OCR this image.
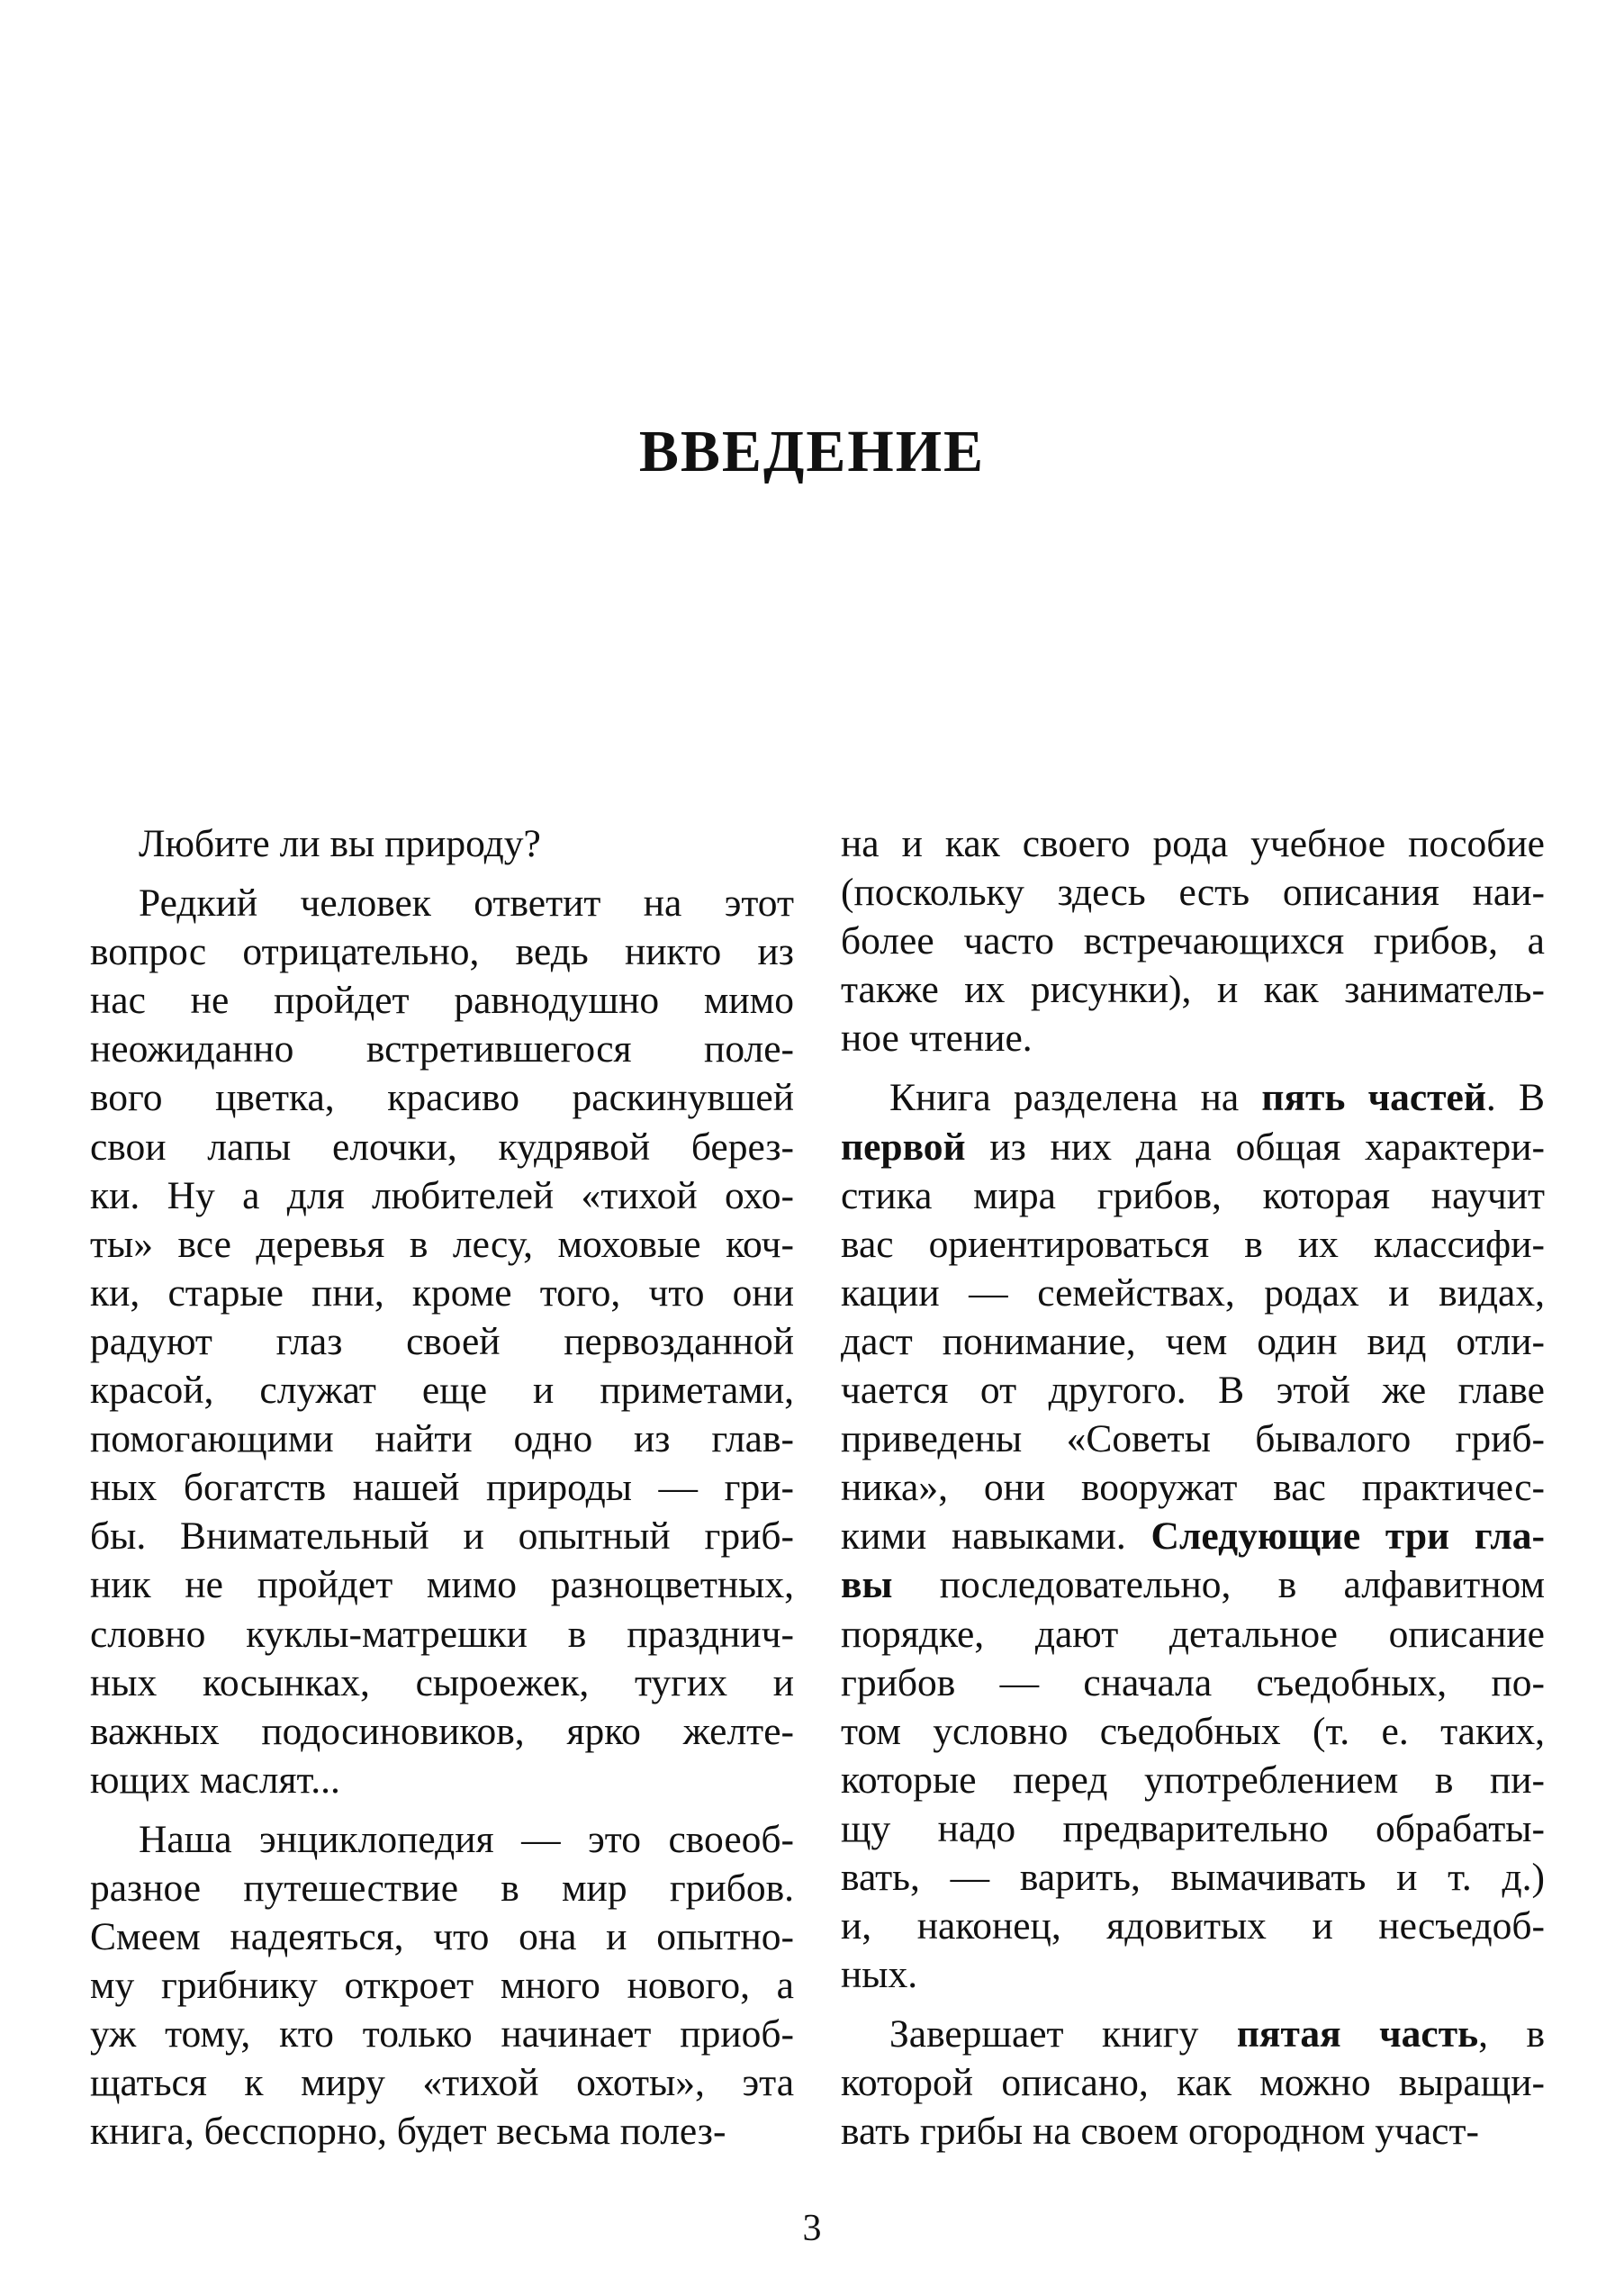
ВВЕДЕНИЕ

Любите ли вы природу?

Редкий человек ответит на этот
вопрос отрицательно, ведь никто из
нас не пройдет равнодушно мимо
неожиданно встретившегося поле-
вого цветка, красиво раскинувшей
свои лапы елочки, кудрявой берез-
ки. Ну а для любителей «тихой охо-
ты» все деревья в лесу, моховые коч-
ки, старые пни, кроме того, что они
радуют глаз своей первозданной
красой, служат еще и приметами,
помогающими найти одно из глав-
ных богатств нашей природы — гри-
бы. Внимательный и опытный гриб-
ник не пройдет мимо разноцветных,
словно куклы-матрешки в празднич-
ных косынках, сыроежек, тугих и
важных подосиновиков, ярко желте-
ющих маслят...

Наша энциклопедия — это своеоб-
разное путешествие в мир грибов.
Смеем надеяться, что она и опытно-
му грибнику откроет много нового, а
уж тому, кто только начинает приоб-
щаться к миру «тихой охоты», эта
книга, бесспорно, будет весьма полез-

на и как своего рода учебное пособие
(поскольку здесь есть описания наи-
более часто встречающихся грибов, а
также их рисунки), и как заниматель-
ное чтение.

Книга разделена на пять частей. В
первой из них дана общая характери-
стика мира грибов, которая научит
вас ориентироваться в их классифи-
кации — семействах, родах и видах,
даст понимание, чем один вид отли-
чается от другого. В этой же главе
приведены «Советы бывалого гриб-
ника», они вооружат вас практичес-
кими навыками. Следующие три гла-
вы последовательно, в алфавитном
порядке, дают детальное описание
грибов — сначала съедобных, по-
том условно съедобных (т. е. таких,
которые перед употреблением в пи-
щу надо предварительно обрабаты-
вать, — варить, вымачивать и т. д.)
и, наконец, ядовитых и несъедоб-
ных.

Завершает книгу пятая часть, в
которой описано, как можно выращи-
вать грибы на своем огородном участ-

3
